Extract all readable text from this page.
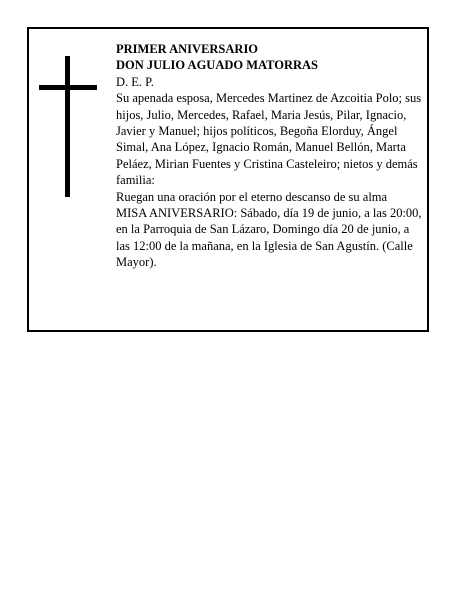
PRIMER ANIVERSARIO

DON JULIO AGUADO MATORRAS

D. E. P.

Su apenada esposa, Mercedes Martinez de Azcoitia Polo; sus hijos, Julio, Mercedes, Rafael, Maria Jesús, Pilar, Ignacio, Javier y Manuel; hijos políticos, Begoña Elorduy, Ángel Simal, Ana López, Ignacio Román, Manuel Bellón, Marta Peláez, Mirian Fuentes y Cristina Casteleiro; nietos y demás familia:

Ruegan una oración por el eterno descanso de su alma

MISA ANIVERSARIO: Sábado, día 19 de junio, a las 20:00, en la Parroquia de San Lázaro, Domingo día 20 de junio, a las 12:00 de la mañana, en la Iglesia de San Agustín. (Calle Mayor).
